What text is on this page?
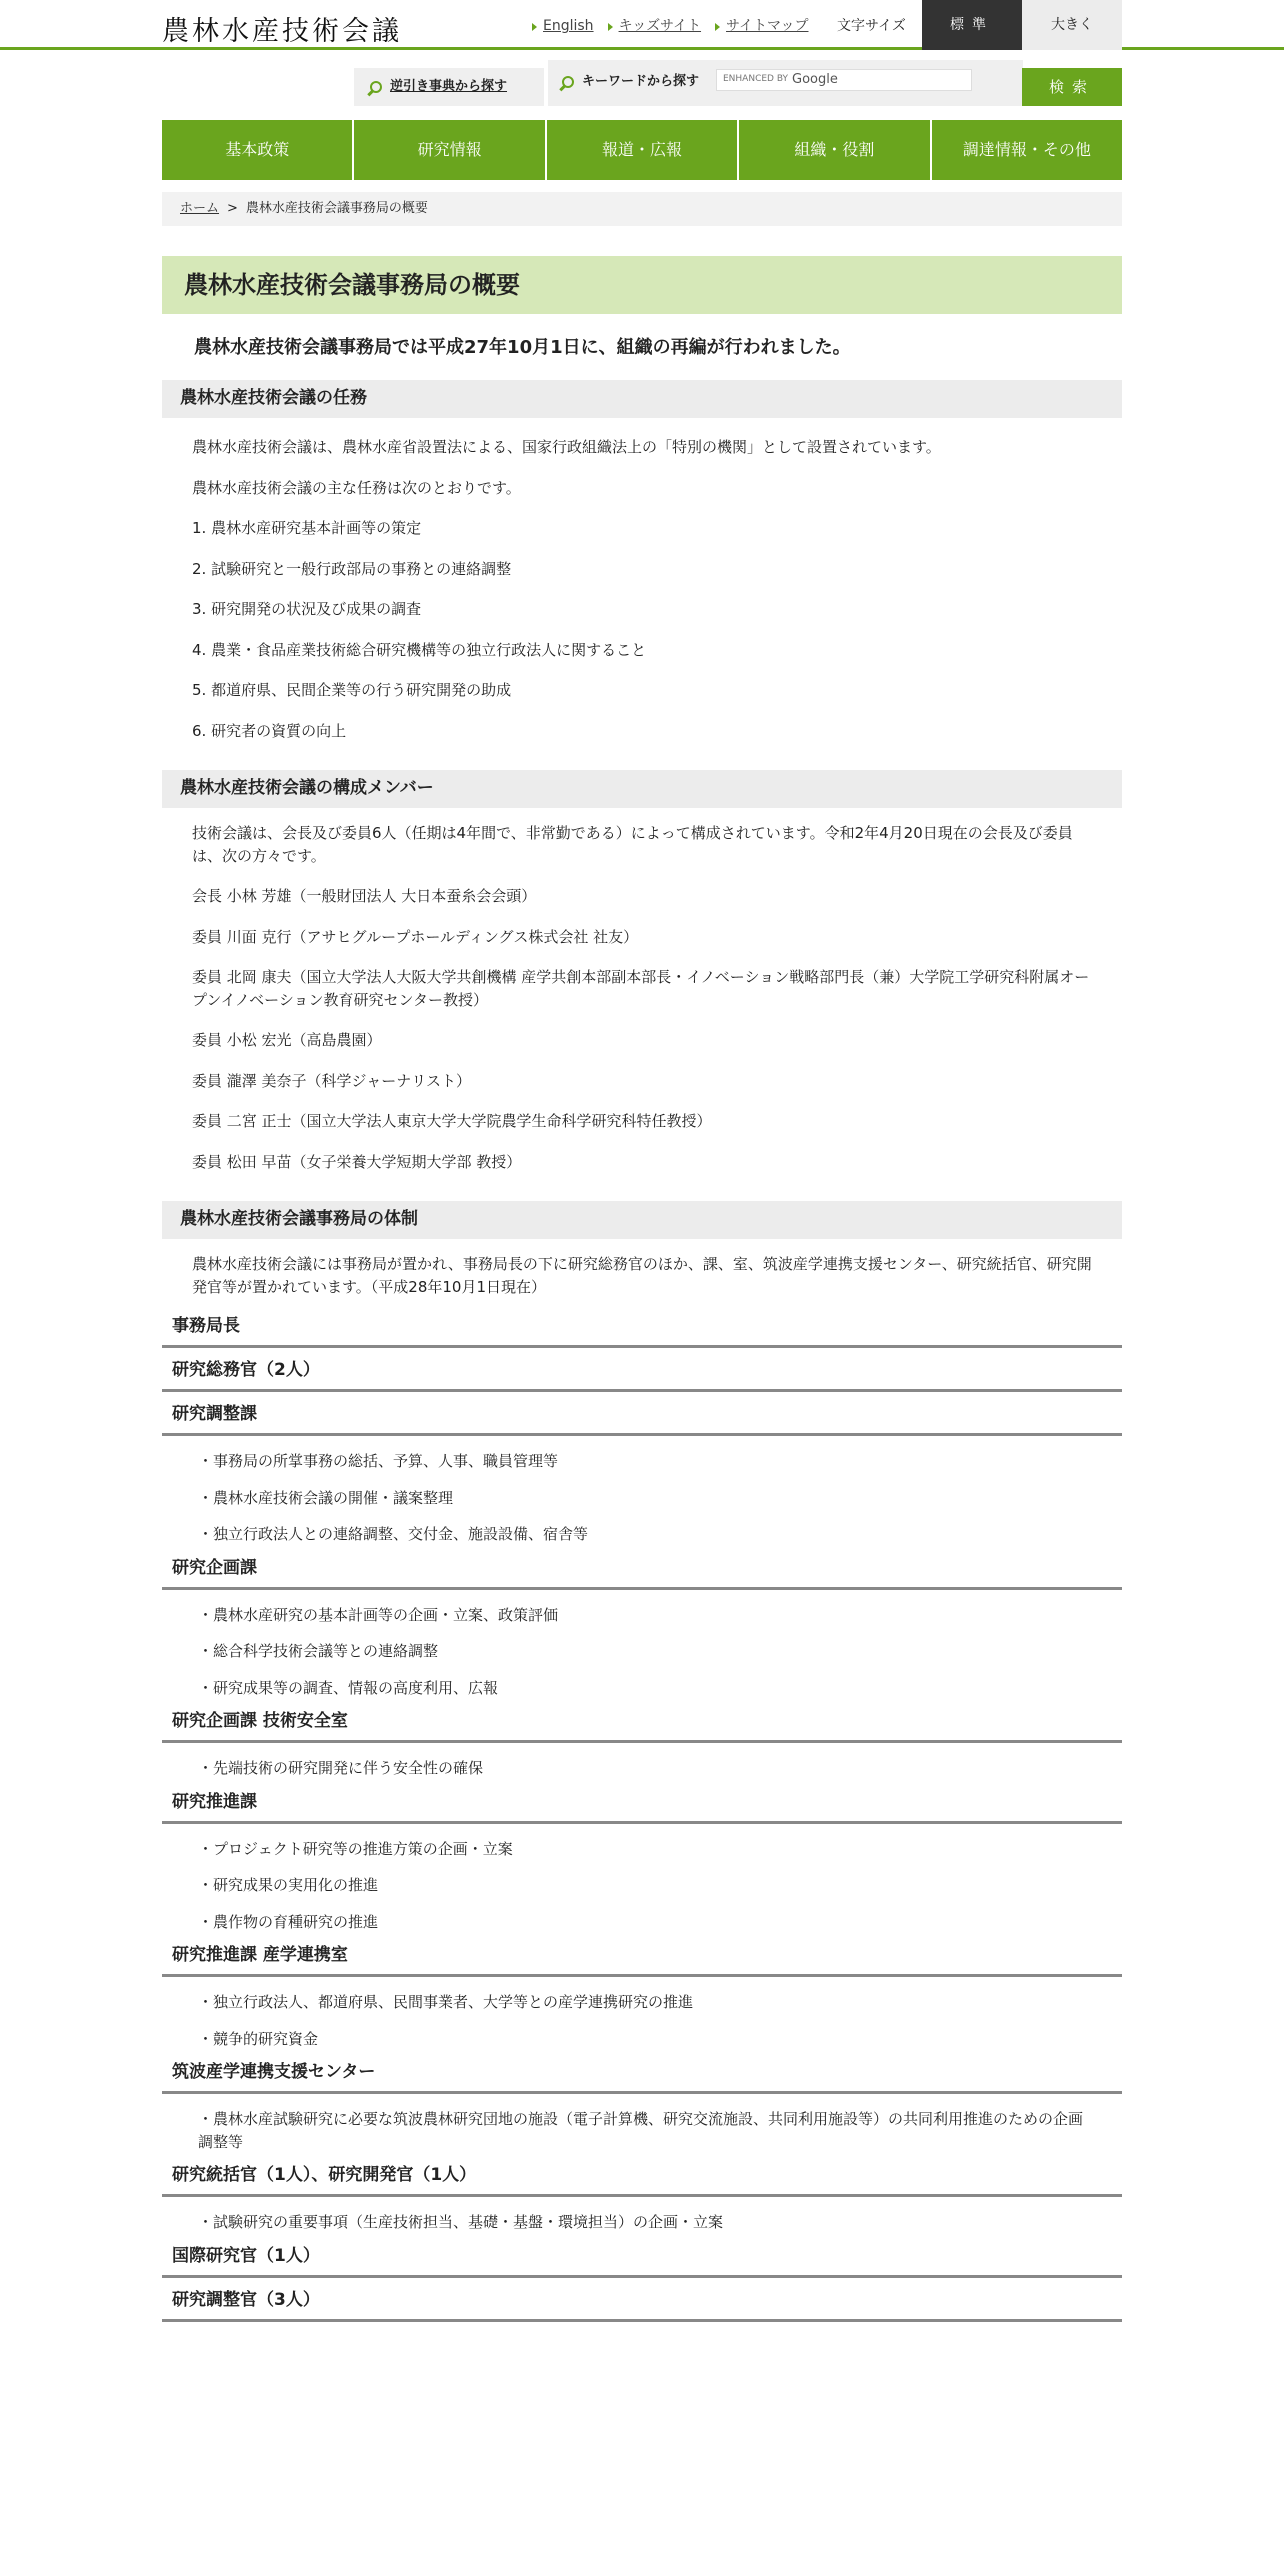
農林水産技術会議	English キッズサイト サイトマップ 文字サイズ	標準	大きく
逆引き事典から探す	キーワードから探す	ENHANCED BY Google	検索
基本政策	研究情報	報道・広報	組織・役割	調達情報・その他
ホーム > 農林水産技術会議事務局の概要
農林水産技術会議事務局の概要
農林水産技術会議事務局では平成27年10月1日に、組織の再編が行われました。
農林水産技術会議の任務

農林水産技術会議は、農林水産省設置法による、国家行政組織法上の「特別の機関」として設置されています。

農林水産技術会議の主な任務は次のとおりです。

1. 農林水産研究基本計画等の策定

2. 試験研究と一般行政部局の事務との連絡調整

3. 研究開発の状況及び成果の調査

4. 農業・食品産業技術総合研究機構等の独立行政法人に関すること

5. 都道府県、民間企業等の行う研究開発の助成

6. 研究者の資質の向上

農林水産技術会議の構成メンバー

技術会議は、会長及び委員6人（任期は4年間で、非常勤である）によって構成されています。令和2年4月20日現在の会長及び委員は、次の方々です。

会長 小林 芳雄（一般財団法人 大日本蚕糸会会頭）

委員 川面 克行（アサヒグループホールディングス株式会社 社友）

委員 北岡 康夫（国立大学法人大阪大学共創機構 産学共創本部副本部長・イノベーション戦略部門長（兼）大学院工学研究科附属オープンイノベーション教育研究センター教授）

委員 小松 宏光（高島農園）

委員 瀧澤 美奈子（科学ジャーナリスト）

委員 二宮 正士（国立大学法人東京大学大学院農学生命科学研究科特任教授）

委員 松田 早苗（女子栄養大学短期大学部 教授）

農林水産技術会議事務局の体制

農林水産技術会議には事務局が置かれ、事務局長の下に研究総務官のほか、課、室、筑波産学連携支援センター、研究統括官、研究開発官等が置かれています。（平成28年10月1日現在）

事務局長
研究総務官（2人）
研究調整課

・事務局の所掌事務の総括、予算、人事、職員管理等

・農林水産技術会議の開催・議案整理

・独立行政法人との連絡調整、交付金、施設設備、宿舎等

研究企画課

・農林水産研究の基本計画等の企画・立案、政策評価

・総合科学技術会議等との連絡調整

・研究成果等の調査、情報の高度利用、広報

研究企画課 技術安全室

・先端技術の研究開発に伴う安全性の確保

研究推進課

・プロジェクト研究等の推進方策の企画・立案

・研究成果の実用化の推進

・農作物の育種研究の推進

研究推進課 産学連携室

・独立行政法人、都道府県、民間事業者、大学等との産学連携研究の推進

・競争的研究資金

筑波産学連携支援センター

・農林水産試験研究に必要な筑波農林研究団地の施設（電子計算機、研究交流施設、共同利用施設等）の共同利用推進のための企画調整等

研究統括官（1人）、研究開発官（1人）

・試験研究の重要事項（生産技術担当、基礎・基盤・環境担当）の企画・立案

国際研究官（1人）
研究調整官（3人）
